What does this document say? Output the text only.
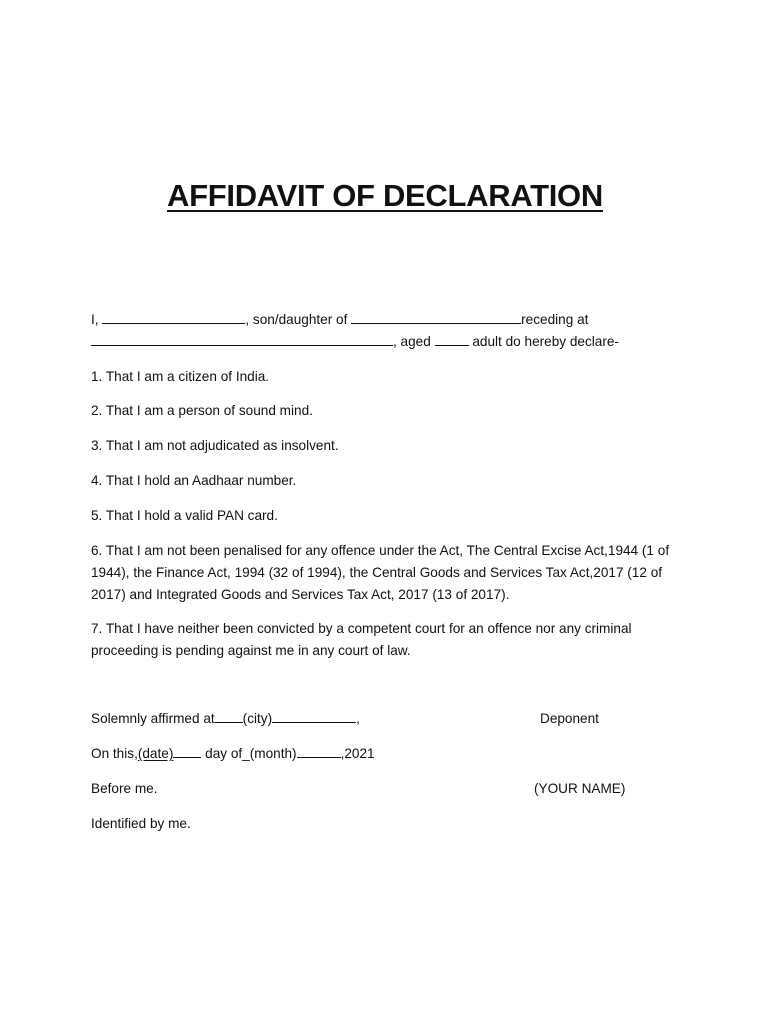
AFFIDAVIT OF DECLARATION
I,	, son/daughter of	receding at
, aged	adult do hereby declare-
1. That I am a citizen of India.
2. That I am a person of sound mind.
3. That I am not adjudicated as insolvent.
4. That I hold an Aadhaar number.
5. That I hold a valid PAN card.
6. That I am not been penalised for any offence under the Act, The Central Excise Act,1944 (1 of
1944), the Finance Act, 1994 (32 of 1994), the Central Goods and Services Tax Act,2017 (12 of
2017) and Integrated Goods and Services Tax Act, 2017 (13 of 2017).
7. That I have neither been convicted by a competent court for an offence nor any criminal
proceeding is pending against me in any court of law.
Solemnly affirmed at (city)	,	Deponent
On this,(date) day of_(month)	,2021
Before me.	(YOUR NAME)
Identified by me.
